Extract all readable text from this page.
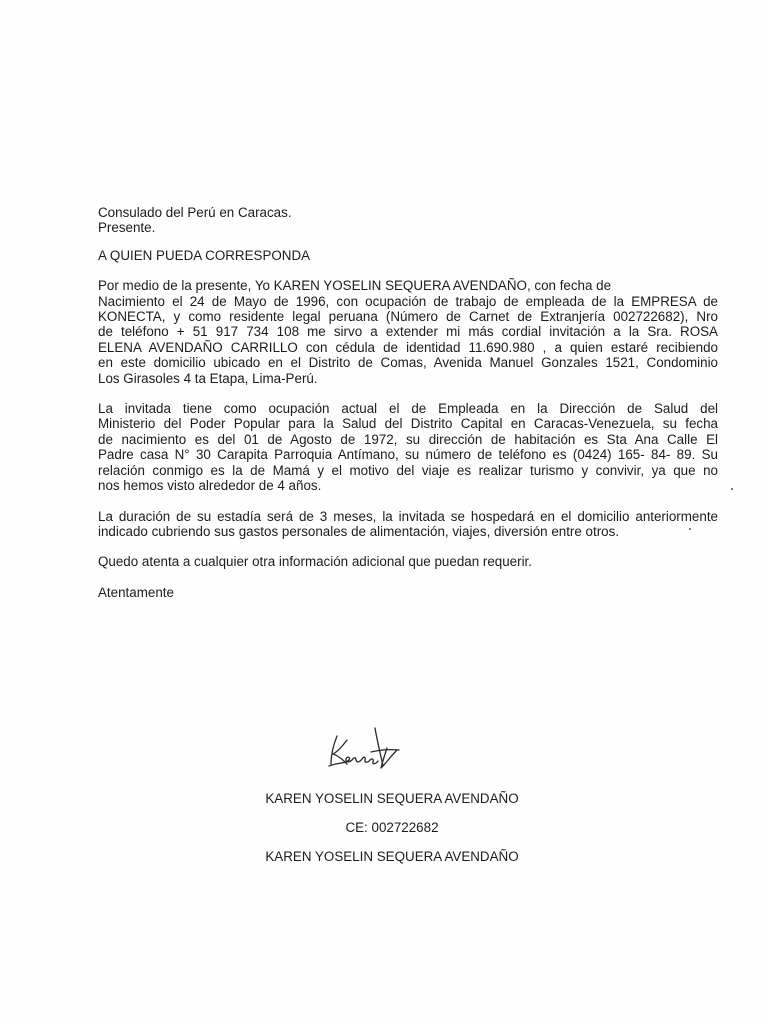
Consulado del Perú en Caracas.
Presente.
A QUIEN PUEDA CORRESPONDA
Por medio de la presente, Yo KAREN YOSELIN SEQUERA AVENDAÑO, con fecha de
Nacimiento el 24 de Mayo de 1996, con ocupación de trabajo de empleada de la EMPRESA de
KONECTA, y como residente legal peruana (Número de Carnet de Extranjería 002722682), Nro
de teléfono + 51 917 734 108 me sirvo a extender mi más cordial invitación a la Sra. ROSA
ELENA AVENDAÑO CARRILLO con cédula de identidad 11.690.980 , a quien estaré recibiendo
en este domicilio ubicado en el Distrito de Comas, Avenida Manuel Gonzales 1521, Condominio
Los Girasoles 4 ta Etapa, Lima-Perú.
La invitada tiene como ocupación actual el de Empleada en la Dirección de Salud del
Ministerio del Poder Popular para la Salud del Distrito Capital en Caracas-Venezuela, su fecha
de nacimiento es del 01 de Agosto de 1972, su dirección de habitación es Sta Ana Calle El
Padre casa N° 30 Carapita Parroquia Antímano, su número de teléfono es (0424) 165- 84- 89. Su
relación conmigo es la de Mamá y el motivo del viaje es realizar turismo y convivir, ya que no
nos hemos visto alrededor de 4 años.
La duración de su estadía será de 3 meses, la invitada se hospedará en el domicilio anteriormente
indicado cubriendo sus gastos personales de alimentación, viajes, diversión entre otros.
Quedo atenta a cualquier otra información adicional que puedan requerir.
Atentamente
KAREN YOSELIN SEQUERA AVENDAÑO
CE: 002722682
KAREN YOSELIN SEQUERA AVENDAÑO
